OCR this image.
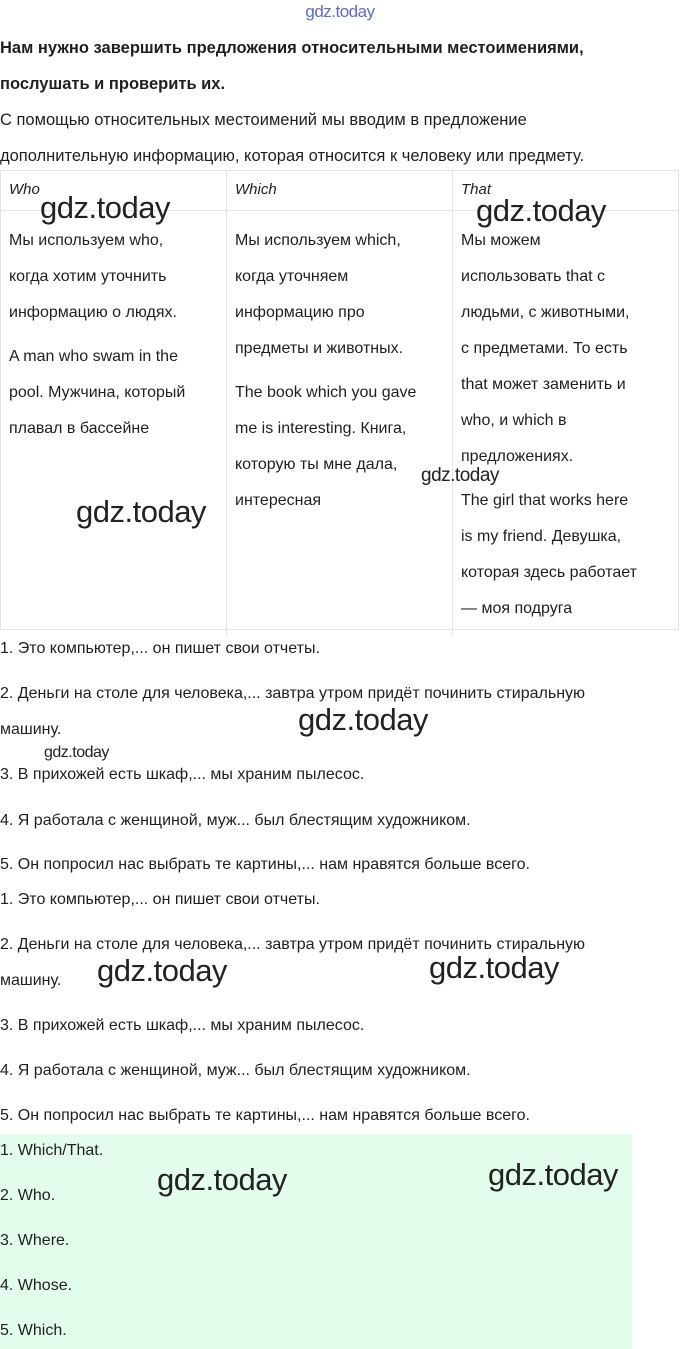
gdz.today

Нам нужно завершить предложения относительными местоимениями,

послушать и проверить их.

С помощью относительных местоимений мы вводим в предложение

дополнительную информацию, которая относится к человеку или предмету.

Who

Мы используем who,
когда хотим уточнить
информацию о людях.

A man who swam in the
pool. Мужчина, который
плавал в бассейне

Which

Мы используем which,
когда уточняем
информацию про
предметы и животных.

The book which you gave
me is interesting. Книга,
которую ты мне дала,
интересная

That

Мы можем
использовать that с
людьми, с животными,
с предметами. То есть
that может заменить и
who, и which в
предложениях.

The girl that works here
is my friend. Девушка,
которая здесь работает
— моя подруга

1. Это компьютер,... он пишет свои отчеты.
2. Деньги на столе для человека,... завтра утром придёт починить стиральную
машину.
3. В прихожей есть шкаф,... мы храним пылесос.
4. Я работала с женщиной, муж... был блестящим художником.
5. Он попросил нас выбрать те картины,... нам нравятся больше всего.
1. Это компьютер,... он пишет свои отчеты.
2. Деньги на столе для человека,... завтра утром придёт починить стиральную
машину.
3. В прихожей есть шкаф,... мы храним пылесос.
4. Я работала с женщиной, муж... был блестящим художником.
5. Он попросил нас выбрать те картины,... нам нравятся больше всего.
1. Which/That.
2. Who.
3. Where.
4. Whose.
5. Which.
gdz.today	gdz.today
gdz.today
gdz.today
gdz.today
gdz.today
gdz.today	gdz.today
gdz.today	gdz.today
